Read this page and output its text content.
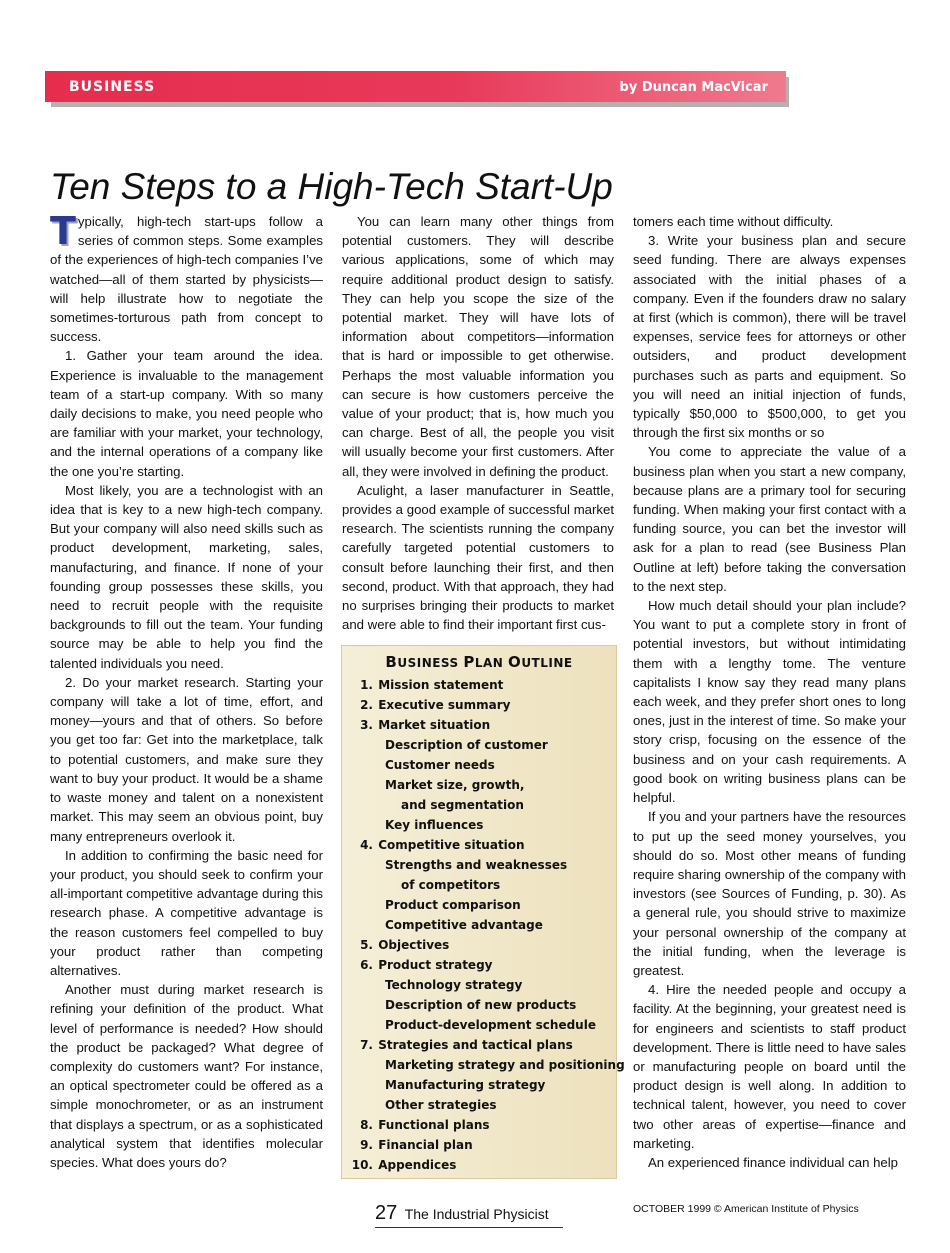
BUSINESS	by Duncan MacVicar
Ten Steps to a High-Tech Start-Up

Typically, high-tech start-ups follow a series of common steps. Some examples of the experiences of high-tech companies I’ve watched—all of them started by physicists—will help illustrate how to negotiate the sometimes-torturous path from concept to success.

1. Gather your team around the idea. Experience is invaluable to the management team of a start-up company. With so many daily decisions to make, you need people who are familiar with your market, your technology, and the internal operations of a company like the one you’re starting.

Most likely, you are a technologist with an idea that is key to a new high-tech company. But your company will also need skills such as product development, marketing, sales, manufacturing, and finance. If none of your founding group possesses these skills, you need to recruit people with the requisite backgrounds to fill out the team. Your funding source may be able to help you find the talented individuals you need.

2. Do your market research. Starting your company will take a lot of time, effort, and money—yours and that of others. So before you get too far: Get into the marketplace, talk to potential customers, and make sure they want to buy your product. It would be a shame to waste money and talent on a nonexistent market. This may seem an obvious point, buy many entrepreneurs overlook it.

In addition to confirming the basic need for your product, you should seek to confirm your all-important competitive advantage during this research phase. A competitive advantage is the reason customers feel compelled to buy your product rather than competing alternatives.

Another must during market research is refining your definition of the product. What level of performance is needed? How should the product be packaged? What degree of complexity do customers want? For instance, an optical spectrometer could be offered as a simple monochrometer, or as an instrument that displays a spectrum, or as a sophisticated analytical system that identifies molecular species. What does yours do?

You can learn many other things from potential customers. They will describe various applications, some of which may require additional product design to satisfy. They can help you scope the size of the potential market. They will have lots of information about competitors—information that is hard or impossible to get otherwise. Perhaps the most valuable information you can secure is how customers perceive the value of your product; that is, how much you can charge. Best of all, the people you visit will usually become your first customers. After all, they were involved in defining the product.

Aculight, a laser manufacturer in Seattle, provides a good example of successful market research. The scientists running the company carefully targeted potential customers to consult before launching their first, and then second, product. With that approach, they had no surprises bringing their products to market and were able to find their important first cus-

BUSINESS PLAN OUTLINE
1. Mission statement
2. Executive summary
3. Market situation
Description of customer
Customer needs
Market size, growth,
and segmentation
Key influences
4. Competitive situation
Strengths and weaknesses
of competitors
Product comparison
Competitive advantage
5. Objectives
6. Product strategy
Technology strategy
Description of new products
Product-development schedule
7. Strategies and tactical plans
Marketing strategy and positioning
Manufacturing strategy
Other strategies
8. Functional plans
9. Financial plan
10. Appendices

tomers each time without difficulty.

3. Write your business plan and secure seed funding. There are always expenses associated with the initial phases of a company. Even if the founders draw no salary at first (which is common), there will be travel expenses, service fees for attorneys or other outsiders, and product development purchases such as parts and equipment. So you will need an initial injection of funds, typically $50,000 to $500,000, to get you through the first six months or so

You come to appreciate the value of a business plan when you start a new company, because plans are a primary tool for securing funding. When making your first contact with a funding source, you can bet the investor will ask for a plan to read (see Business Plan Outline at left) before taking the conversation to the next step.

How much detail should your plan include? You want to put a complete story in front of potential investors, but without intimidating them with a lengthy tome. The venture capitalists I know say they read many plans each week, and they prefer short ones to long ones, just in the interest of time. So make your story crisp, focusing on the essence of the business and on your cash requirements. A good book on writing business plans can be helpful.

If you and your partners have the resources to put up the seed money yourselves, you should do so. Most other means of funding require sharing ownership of the company with investors (see Sources of Funding, p. 30). As a general rule, you should strive to maximize your personal ownership of the company at the initial funding, when the leverage is greatest.

4. Hire the needed people and occupy a facility. At the beginning, your greatest need is for engineers and scientists to staff product development. There is little need to have sales or manufacturing people on board until the product design is well along. In addition to technical talent, however, you need to cover two other areas of expertise—finance and marketing.

An experienced finance individual can help

27 The Industrial Physicist	OCTOBER 1999 © American Institute of Physics
